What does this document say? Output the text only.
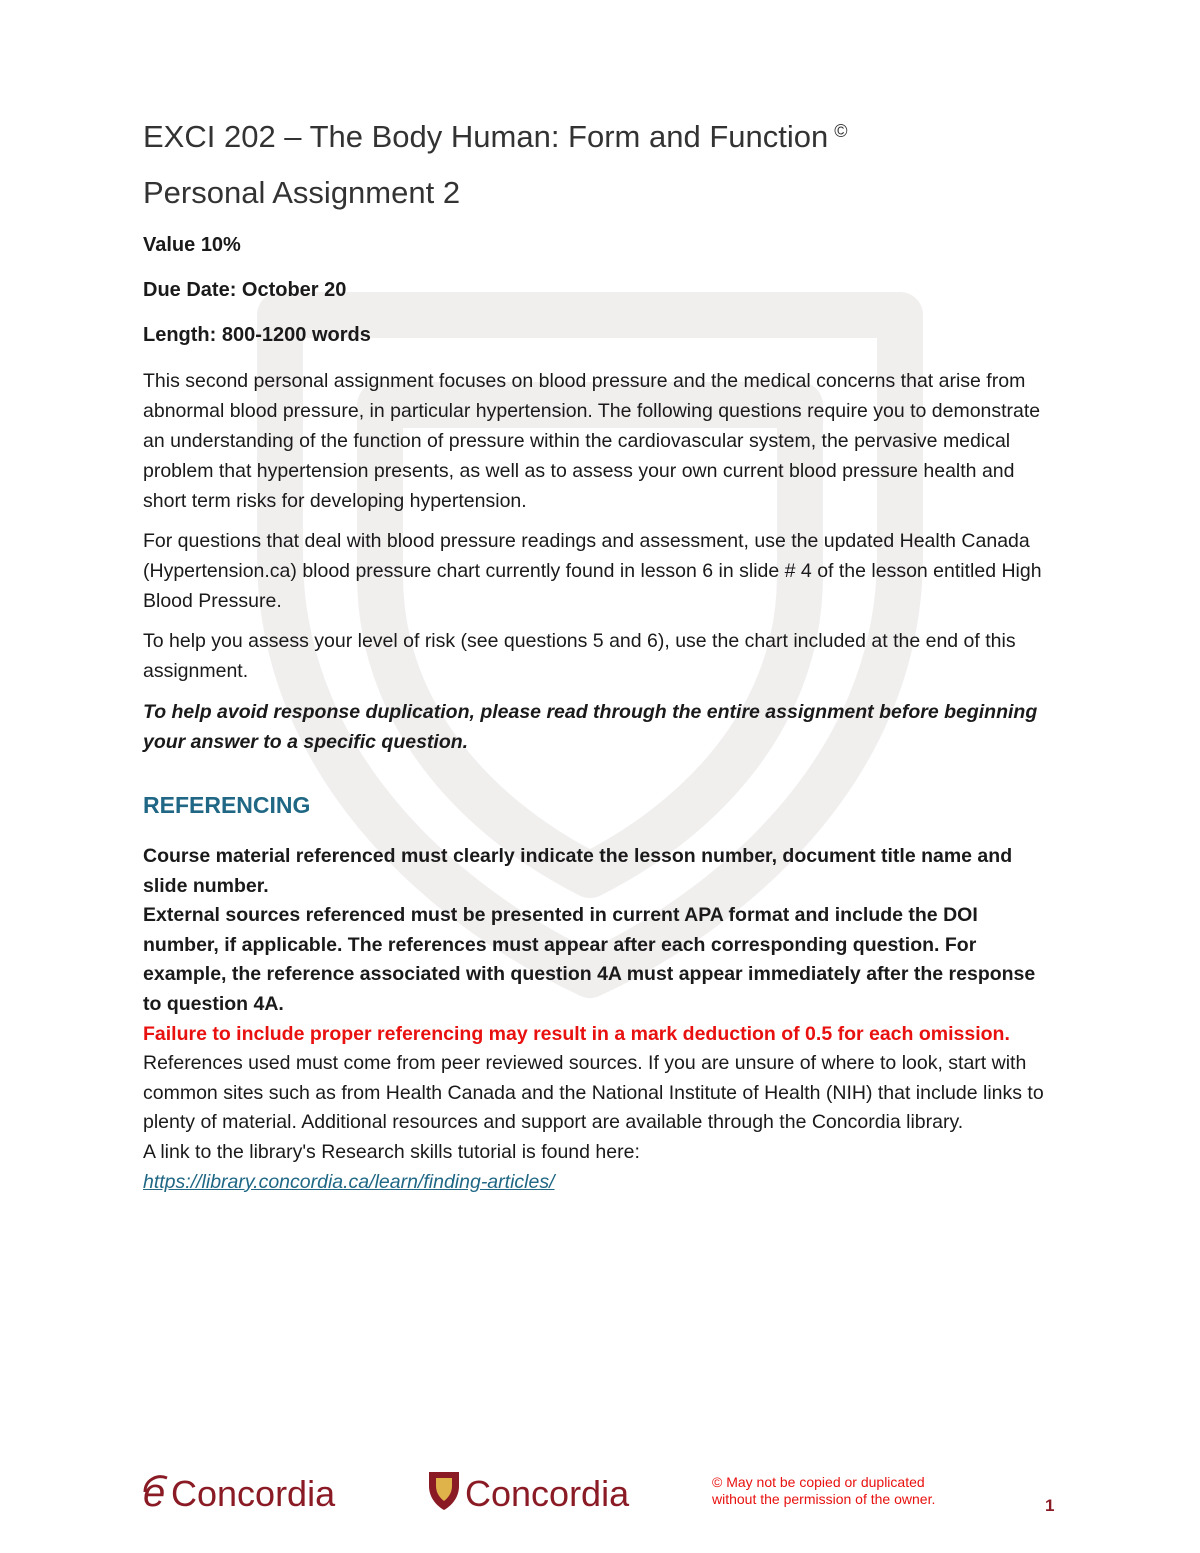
EXCI 202 – The Body Human: Form and Function ©
Personal Assignment 2

Value 10%

Due Date: October 20

Length: 800-1200 words

This second personal assignment focuses on blood pressure and the medical concerns that arise from abnormal blood pressure, in particular hypertension. The following questions require you to demonstrate an understanding of the function of pressure within the cardiovascular system, the pervasive medical problem that hypertension presents, as well as to assess your own current blood pressure health and short term risks for developing hypertension.

For questions that deal with blood pressure readings and assessment, use the updated Health Canada (Hypertension.ca) blood pressure chart currently found in lesson 6 in slide # 4 of the lesson entitled High Blood Pressure.

To help you assess your level of risk (see questions 5 and 6), use the chart included at the end of this assignment.

To help avoid response duplication, please read through the entire assignment before beginning your answer to a specific question.

REFERENCING

Course material referenced must clearly indicate the lesson number, document title name and slide number.

External sources referenced must be presented in current APA format and include the DOI number, if applicable. The references must appear after each corresponding question. For example, the reference associated with question 4A must appear immediately after the response to question 4A.

Failure to include proper referencing may result in a mark deduction of 0.5 for each omission.

References used must come from peer reviewed sources. If you are unsure of where to look, start with common sites such as from Health Canada and the National Institute of Health (NIH) that include links to plenty of material. Additional resources and support are available through the Concordia library.

A link to the library's Research skills tutorial is found here:

https://library.concordia.ca/learn/finding-articles/

e Concordia	Concordia	© May not be copied or duplicated
without the permission of the owner.	1
